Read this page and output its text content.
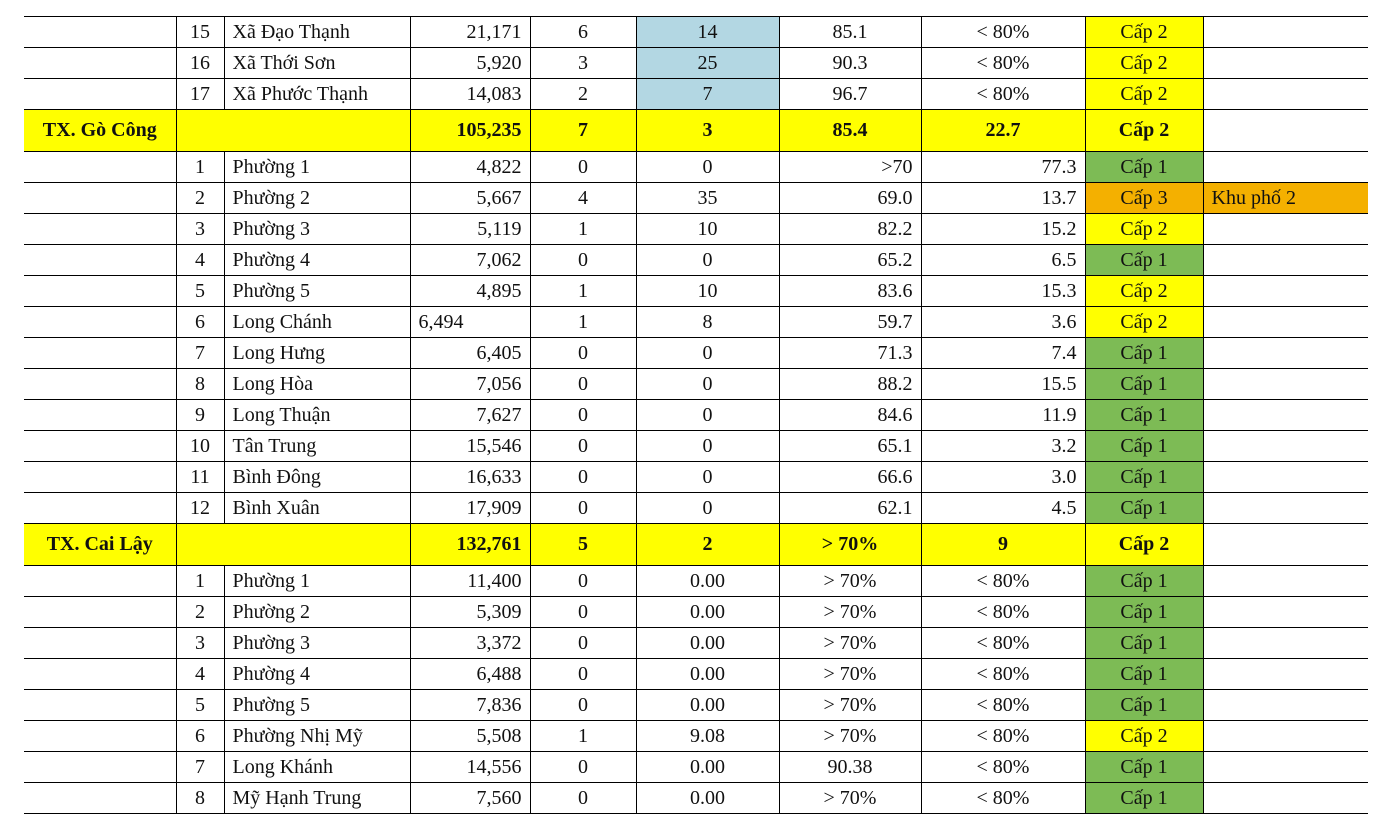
	15	Xã Đạo Thạnh	21,171	6	14	85.1	< 80%	Cấp 2	
	16	Xã Thới Sơn	5,920	3	25	90.3	< 80%	Cấp 2	
	17	Xã Phước Thạnh	14,083	2	7	96.7	< 80%	Cấp 2	
TX. Gò Công			105,235	7	3	85.4	22.7	Cấp 2	
	1	Phường 1	4,822	0	0	>70	77.3	Cấp 1	
	2	Phường 2	5,667	4	35	69.0	13.7	Cấp 3	Khu phố 2
	3	Phường 3	5,119	1	10	82.2	15.2	Cấp 2	
	4	Phường 4	7,062	0	0	65.2	6.5	Cấp 1	
	5	Phường 5	4,895	1	10	83.6	15.3	Cấp 2	
	6	Long Chánh	6,494	1	8	59.7	3.6	Cấp 2	
	7	Long Hưng	6,405	0	0	71.3	7.4	Cấp 1	
	8	Long Hòa	7,056	0	0	88.2	15.5	Cấp 1	
	9	Long Thuận	7,627	0	0	84.6	11.9	Cấp 1	
	10	Tân Trung	15,546	0	0	65.1	3.2	Cấp 1	
	11	Bình Đông	16,633	0	0	66.6	3.0	Cấp 1	
	12	Bình Xuân	17,909	0	0	62.1	4.5	Cấp 1	
TX. Cai Lậy			132,761	5	2	> 70%	9	Cấp 2	
	1	Phường 1	11,400	0	0.00	> 70%	< 80%	Cấp 1	
	2	Phường 2	5,309	0	0.00	> 70%	< 80%	Cấp 1	
	3	Phường 3	3,372	0	0.00	> 70%	< 80%	Cấp 1	
	4	Phường 4	6,488	0	0.00	> 70%	< 80%	Cấp 1	
	5	Phường 5	7,836	0	0.00	> 70%	< 80%	Cấp 1	
	6	Phường Nhị Mỹ	5,508	1	9.08	> 70%	< 80%	Cấp 2	
	7	Long Khánh	14,556	0	0.00	90.38	< 80%	Cấp 1	
	8	Mỹ Hạnh Trung	7,560	0	0.00	> 70%	< 80%	Cấp 1	
